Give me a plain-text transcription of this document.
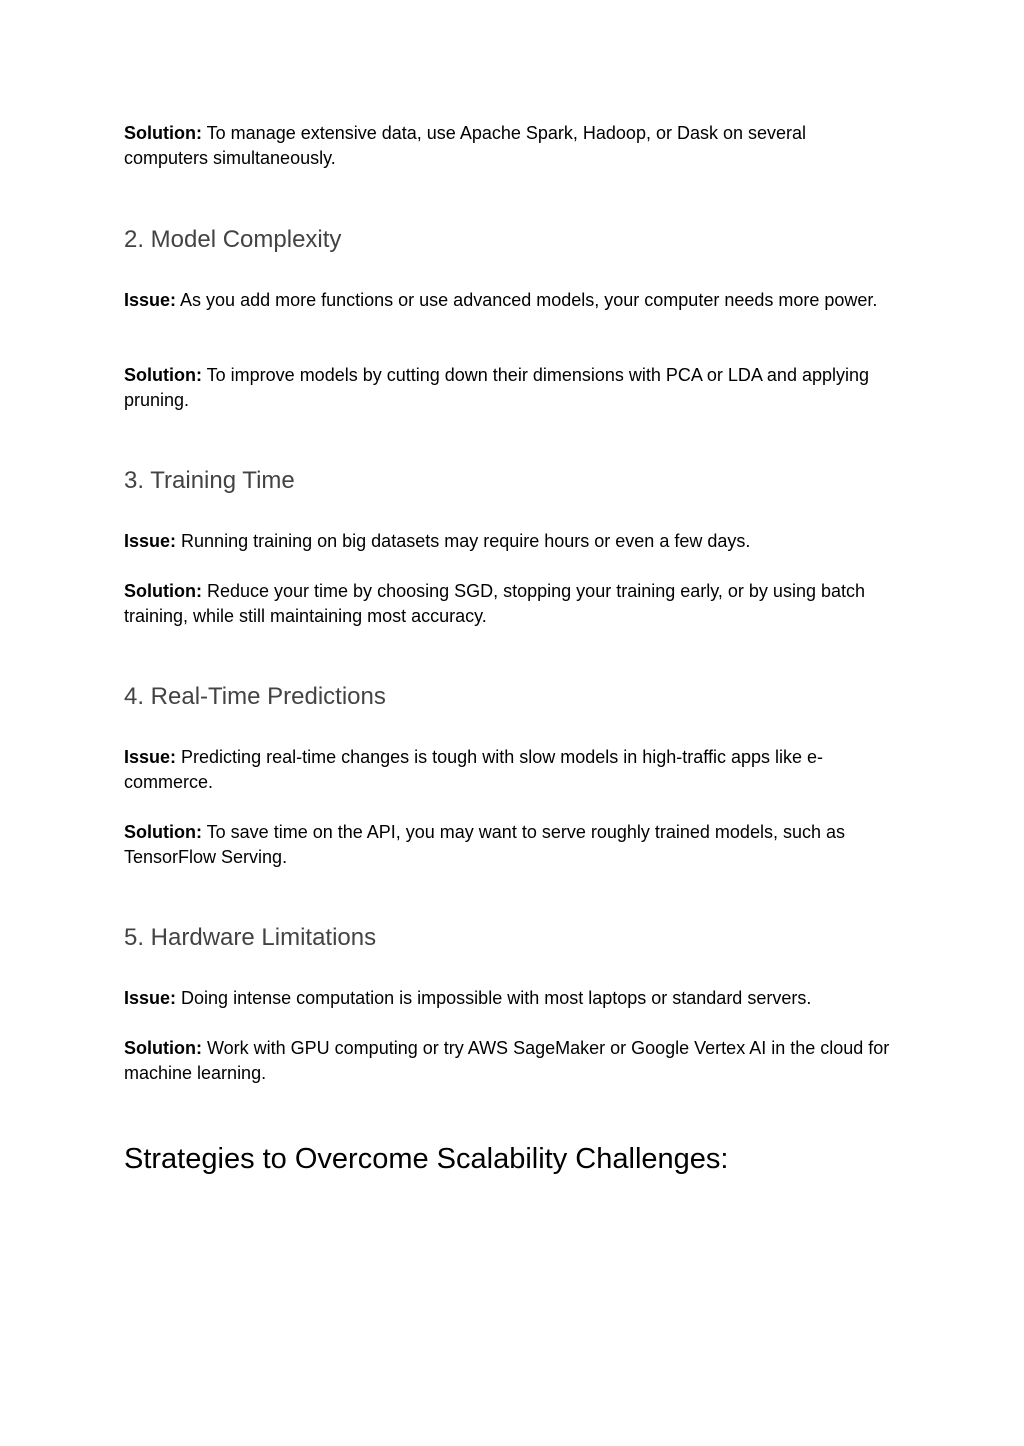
Solution: To manage extensive data, use Apache Spark, Hadoop, or Dask on several computers simultaneously.

2. Model Complexity

Issue: As you add more functions or use advanced models, your computer needs more power.

Solution: To improve models by cutting down their dimensions with PCA or LDA and applying pruning.

3. Training Time

Issue: Running training on big datasets may require hours or even a few days.

Solution: Reduce your time by choosing SGD, stopping your training early, or by using batch training, while still maintaining most accuracy.

4. Real-Time Predictions

Issue: Predicting real-time changes is tough with slow models in high-traffic apps like e-commerce.

Solution: To save time on the API, you may want to serve roughly trained models, such as TensorFlow Serving.

5. Hardware Limitations

Issue: Doing intense computation is impossible with most laptops or standard servers.

Solution: Work with GPU computing or try AWS SageMaker or Google Vertex AI in the cloud for machine learning.

Strategies to Overcome Scalability Challenges:
